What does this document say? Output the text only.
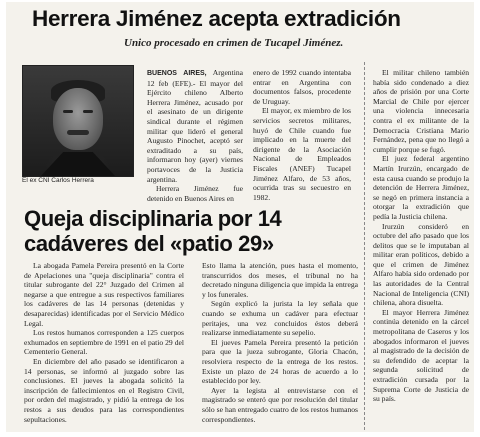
Herrera Jiménez acepta extradición
Unico procesado en crimen de Tucapel Jiménez.
El ex CNI Carlos Herrera

BUENOS AIRES, Argentina 12 feb (EFE).- El mayor del Ejército chileno Alberto Herrera Jiménez, acusado por el asesinato de un dirigente sindical durante el régimen militar que lideró el general Augusto Pinochet, aceptó ser extraditado a su país, informaron hoy (ayer) viernes portavoces de la Justicia argentina.

Herrera Jiménez fue detenido en Buenos Aires en

enero de 1992 cuando intentaba entrar en Argentina con documentos falsos, procedente de Uruguay.

El mayor, ex miembro de los servicios secretos militares, huyó de Chile cuando fue implicado en la muerte del dirigente de la Asociación Nacional de Empleados Fiscales (ANEF) Tucapel Jiménez Alfaro, de 53 años, ocurrida tras su secuestro en 1982.

El militar chileno también había sido condenado a diez años de prisión por una Corte Marcial de Chile por ejercer una violencia innecesaria contra el ex militante de la Democracia Cristiana Mario Fernández, pena que no llegó a cumplir porque se fugó.

El juez federal argentino Martín Irurzún, encargado de esta causa cuando se produjo la detención de Herrera Jiménez, se negó en primera instancia a otorgar la extradición que pedía la Justicia chilena.

Irurzún consideró en octubre del año pasado que los delitos que se le imputaban al militar eran políticos, debido a que el crimen de Jiménez Alfaro había sido ordenado por las autoridades de la Central Nacional de Inteligencia (CNI) chilena, ahora disuelta.

El mayor Herrera Jiménez continúa detenido en la cárcel metropolitana de Caseros y los abogados informaron el jueves al magistrado de la decisión de su defendido de aceptar la segunda solicitud de extradición cursada por la Suprema Corte de Justicia de su país.

Queja disciplinaria por 14
cadáveres del «patio 29»

La abogada Pamela Pereira presentó en la Corte de Apelaciones una "queja disciplinaria" contra el titular subrogante del 22° Juzgado del Crimen al negarse a que entregue a sus respectivos familiares los cadáveres de las 14 personas (detenidas y desaparecidas) identificadas por el Servicio Médico Legal.

Los restos humanos corresponden a 125 cuerpos exhumados en septiembre de 1991 en el patio 29 del Cementerio General.

En diciembre del año pasado se identificaron a 14 personas, se informó al juzgado sobre las conclusiones. El jueves la abogada solicitó la inscripción de fallecimientos en el Registro Civil, por orden del magistrado, y pidió la entrega de los restos a sus deudos para las correspondientes sepultaciones.

Esto llama la atención, pues hasta el momento, transcurridos dos meses, el tribunal no ha decretado ninguna diligencia que impida la entrega y los funerales.

Según explicó la jurista la ley señala que cuando se exhuma un cadáver para efectuar peritajes, una vez concluidos éstos deberá realizarse inmediatamente su sepelio.

El jueves Pamela Pereira presentó la petición para que la jueza subrogante, Gloria Chacón, resolviera respecto de la entrega de los restos. Existe un plazo de 24 horas de acuerdo a lo establecido por ley.

Ayer la legista al entrevistarse con el magistrado se enteró que por resolución del titular sólo se han entregado cuatro de los restos humanos correspondientes.
